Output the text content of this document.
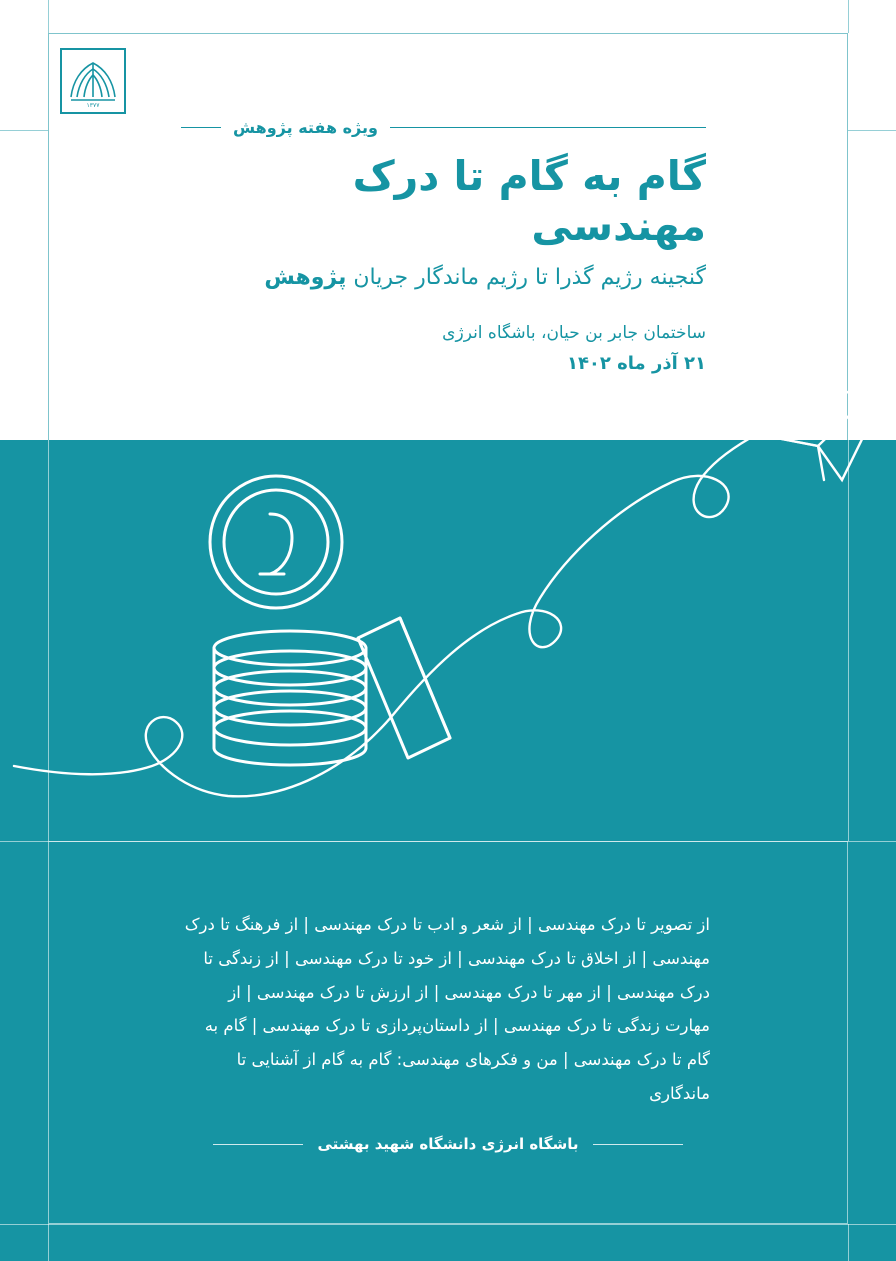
۱۳۷۷
ویژه هفته پژوهش
گام به گام تا درک مهندسی
گنجینه رژیم گذرا تا رژیم ماندگار جریان پژوهش
ساختمان جابر بن حیان، باشگاه انرژی
۲۱ آذر ماه ۱۴۰۲
از تصویر تا درک مهندسی | از شعر و ادب تا درک مهندسی | از فرهنگ تا درک مهندسی | از اخلاق تا درک مهندسی | از خود تا درک مهندسی | از زندگی تا درک مهندسی | از مهر تا درک مهندسی | از ارزش تا درک مهندسی | از مهارت زندگی تا درک مهندسی | از داستان‌پردازی تا درک مهندسی | گام به گام تا درک مهندسی | من و فکرهای مهندسی: گام به گام از آشنایی تا ماندگاری
باشگاه انرژی دانشگاه شهید بهشتی
